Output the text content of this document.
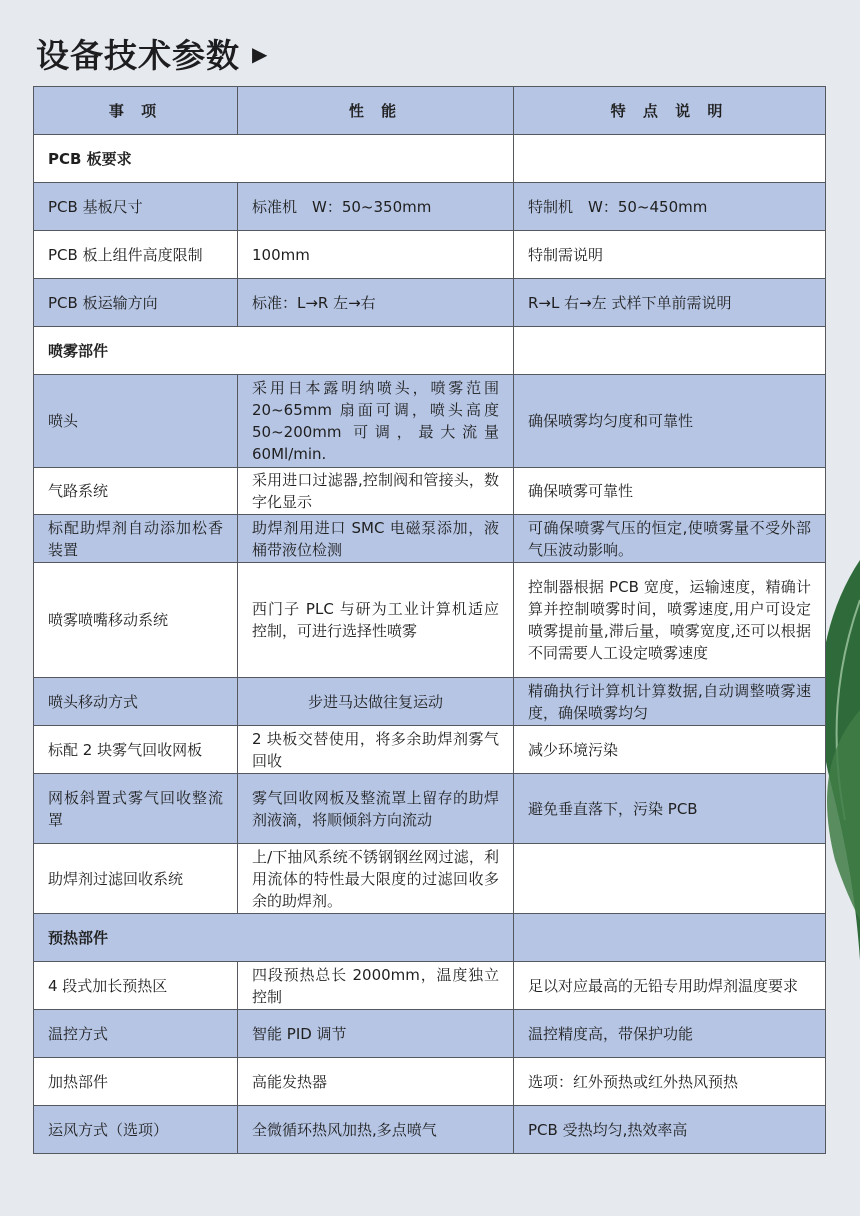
设备技术参数 ▶
事 项	性 能	特 点 说 明
PCB 板要求		
PCB 基板尺寸	标准机　W：50~350mm	特制机　W：50~450mm
PCB 板上组件高度限制	100mm	特制需说明
PCB 板运输方向	标准：L→R 左→右	R→L 右→左 式样下单前需说明
喷雾部件		
喷头	采用日本露明纳喷头，喷雾范围 20~65mm 扇面可调，喷头高度 50~200mm 可调，最大流量 60Ml/min.	确保喷雾均匀度和可靠性
气路系统	采用进口过滤器,控制阀和管接头，数字化显示	确保喷雾可靠性
标配助焊剂自动添加松香装置	助焊剂用进口 SMC 电磁泵添加，液桶带液位检测	可确保喷雾气压的恒定,使喷雾量不受外部气压波动影响。
喷雾喷嘴移动系统	西门子 PLC 与研为工业计算机适应控制，可进行选择性喷雾	控制器根据 PCB 宽度，运输速度，精确计算并控制喷雾时间，喷雾速度,用户可设定喷雾提前量,滞后量，喷雾宽度,还可以根据不同需要人工设定喷雾速度
喷头移动方式	步进马达做往复运动	精确执行计算机计算数据,自动调整喷雾速度，确保喷雾均匀
标配 2 块雾气回收网板	2 块板交替使用，将多余助焊剂雾气回收	减少环境污染
网板斜置式雾气回收整流罩	雾气回收网板及整流罩上留存的助焊剂液滴，将顺倾斜方向流动	避免垂直落下，污染 PCB
助焊剂过滤回收系统	上/下抽风系统不锈钢钢丝网过滤，利用流体的特性最大限度的过滤回收多余的助焊剂。	
预热部件		
4 段式加长预热区	四段预热总长 2000mm，温度独立控制	足以对应最高的无铅专用助焊剂温度要求
温控方式	智能 PID 调节	温控精度高，带保护功能
加热部件	高能发热器	选项：红外预热或红外热风预热
运风方式（选项）	全微循环热风加热,多点喷气	PCB 受热均匀,热效率高
